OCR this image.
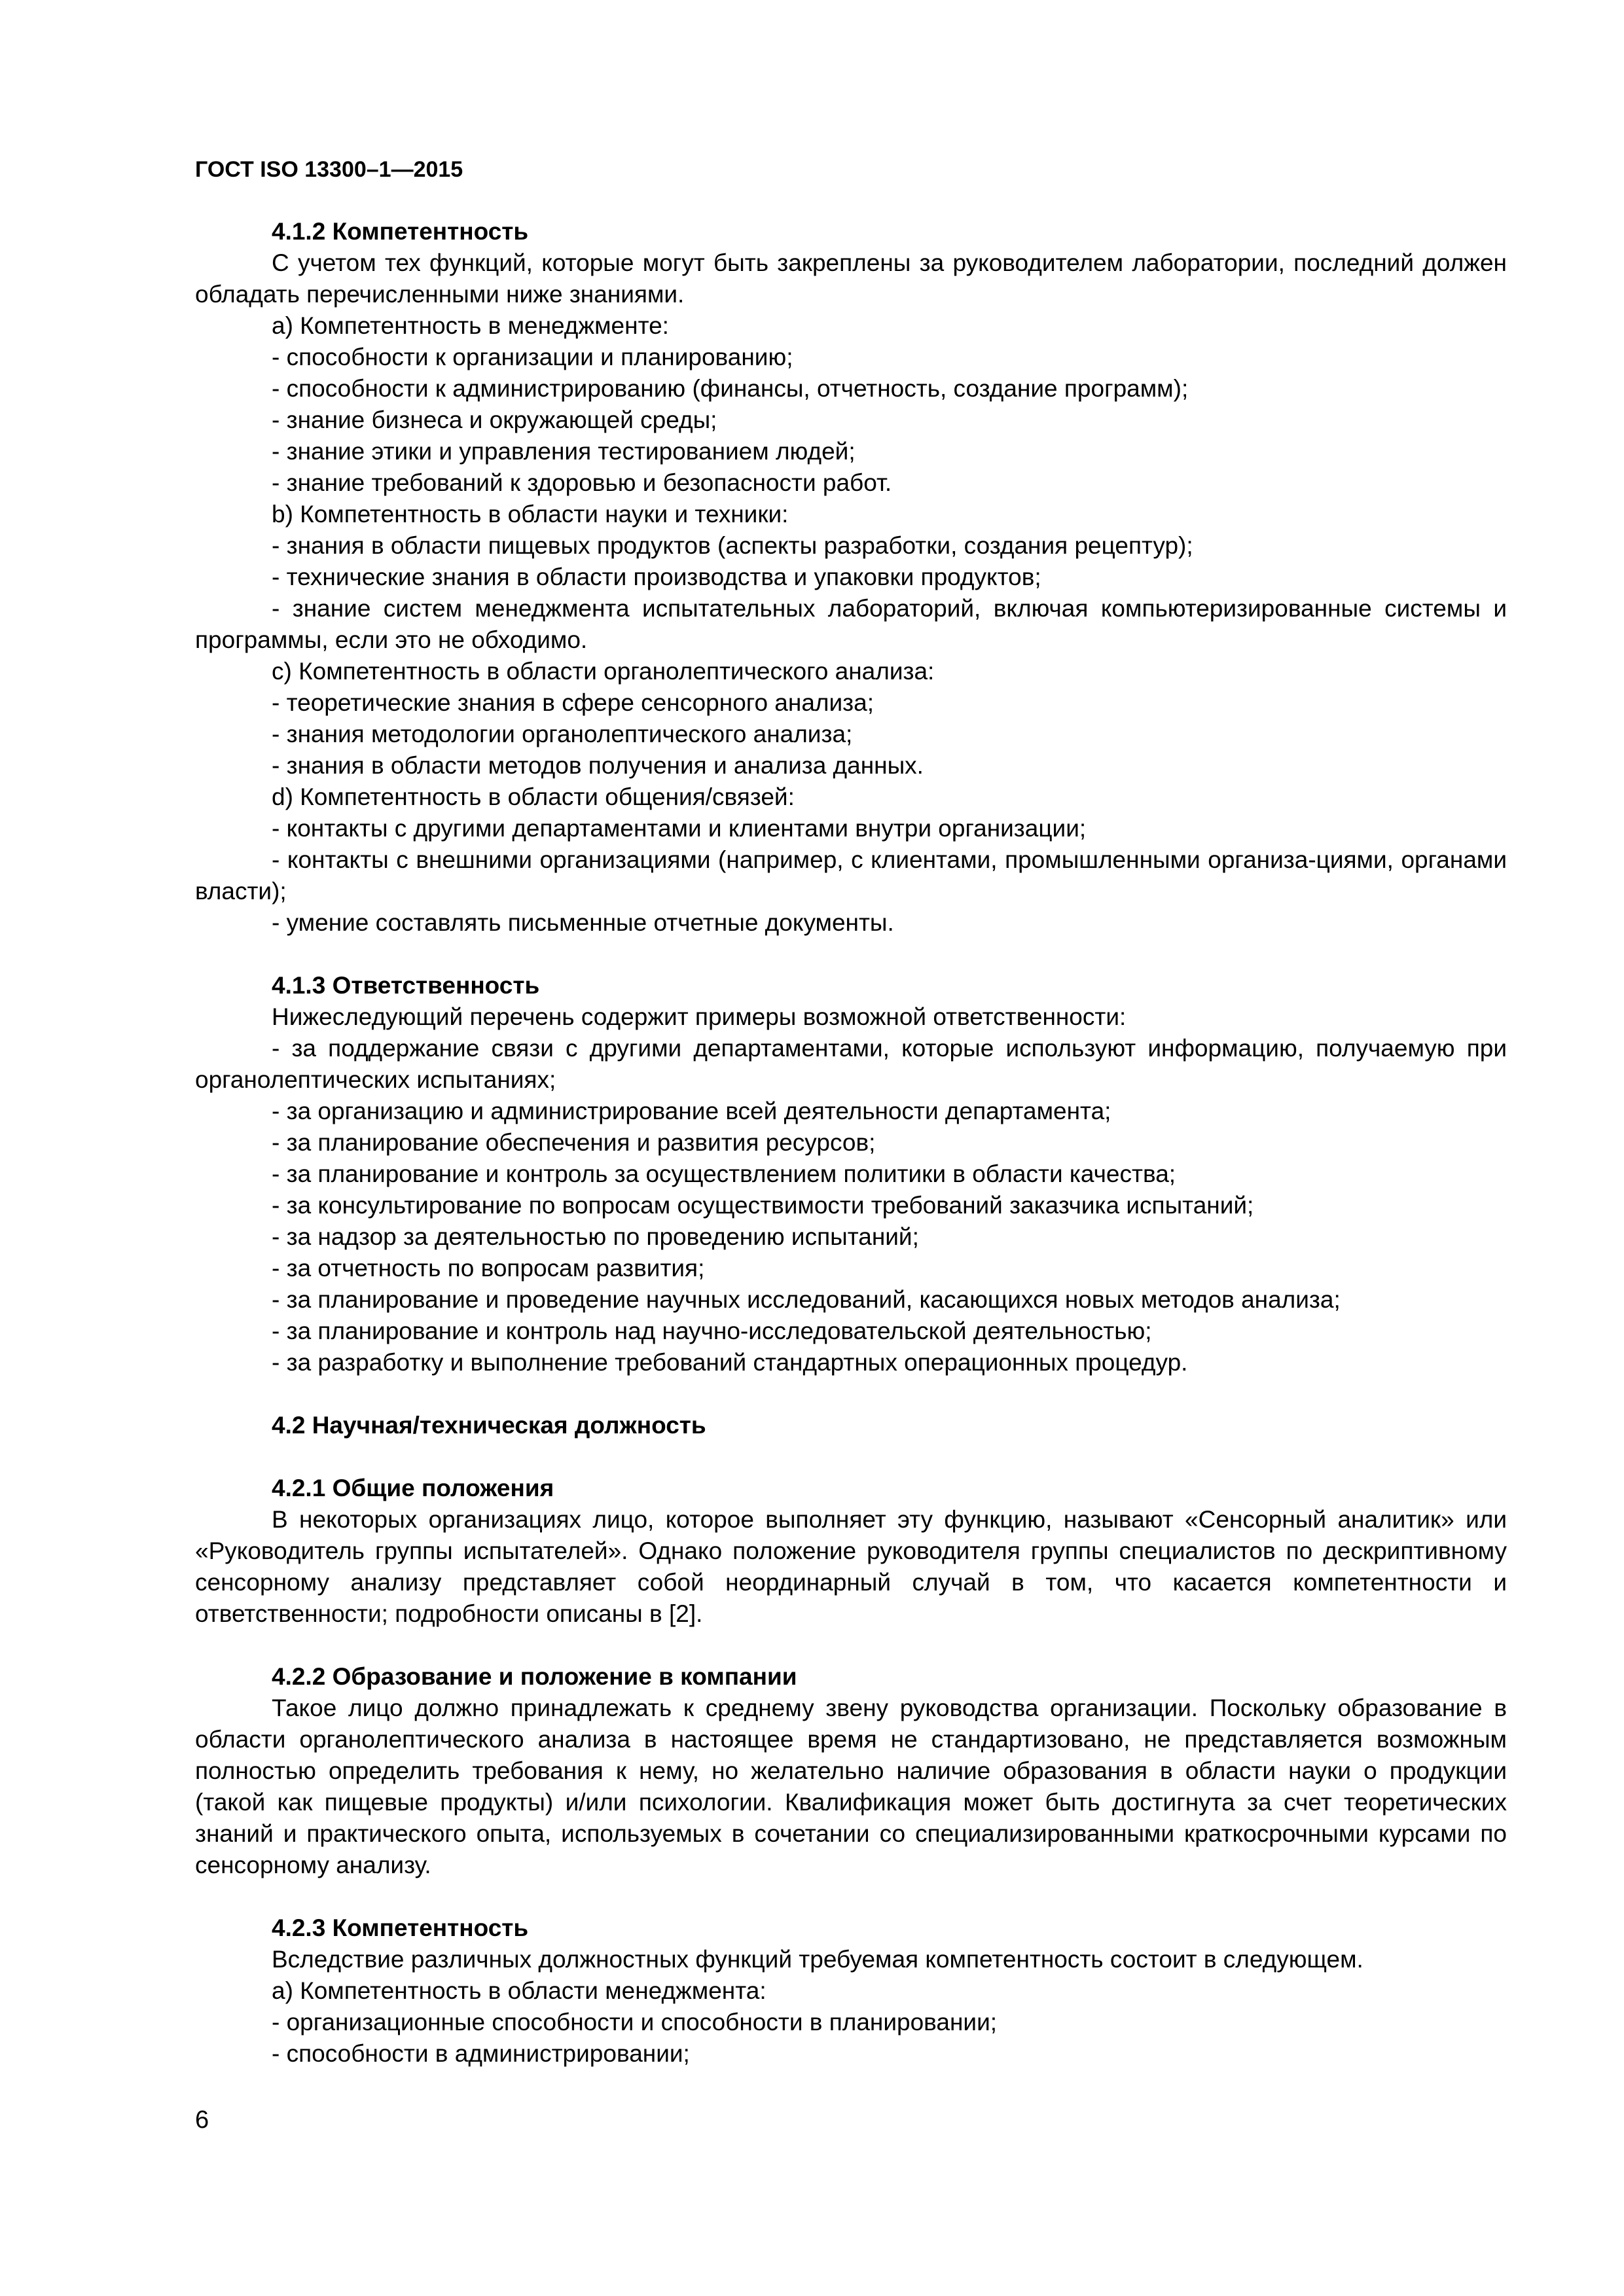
ГОСТ ISO 13300–1—2015

4.1.2 Компетентность

С учетом тех функций, которые могут быть закреплены за руководителем лаборатории, последний должен обладать перечисленными ниже знаниями.

а) Компетентность в менеджменте:

- способности к организации и планированию;

- способности к администрированию (финансы, отчетность, создание программ);

- знание бизнеса и окружающей среды;

- знание этики и управления тестированием людей;

- знание требований к здоровью и безопасности работ.

b) Компетентность в области науки и техники:

- знания в области пищевых продуктов (аспекты разработки, создания рецептур);

- технические знания в области производства и упаковки продуктов;

- знание систем менеджмента испытательных лабораторий, включая компьютеризированные системы и программы, если это не обходимо.

с) Компетентность в области органолептического анализа:

- теоретические знания в сфере сенсорного анализа;

- знания методологии органолептического анализа;

- знания в области методов получения и анализа данных.

d) Компетентность в области общения/связей:

- контакты с другими департаментами и клиентами внутри организации;

- контакты с внешними организациями (например, с клиентами, промышленными организа-циями, органами власти);

- умение составлять письменные отчетные документы.

4.1.3 Ответственность

Нижеследующий перечень содержит примеры возможной ответственности:

- за поддержание связи с другими департаментами, которые используют информацию, получаемую при органолептических испытаниях;

- за организацию и администрирование всей деятельности департамента;

- за планирование обеспечения и развития ресурсов;

- за планирование и контроль за осуществлением политики в области качества;

- за консультирование по вопросам осуществимости требований заказчика испытаний;

- за надзор за деятельностью по проведению испытаний;

- за отчетность по вопросам развития;

- за планирование и проведение научных исследований, касающихся новых методов анализа;

- за планирование и контроль над научно-исследовательской деятельностью;

- за разработку и выполнение требований стандартных операционных процедур.

4.2 Научная/техническая должность

4.2.1 Общие положения

В некоторых организациях лицо, которое выполняет эту функцию, называют «Сенсорный аналитик» или «Руководитель группы испытателей». Однако положение руководителя группы специалистов по дескриптивному сенсорному анализу представляет собой неординарный случай в том, что касается компетентности и ответственности; подробности описаны в [2].

4.2.2 Образование и положение в компании

Такое лицо должно принадлежать к среднему звену руководства организации. Поскольку образование в области органолептического анализа в настоящее время не стандартизовано, не представляется возможным полностью определить требования к нему, но желательно наличие образования в области науки о продукции (такой как пищевые продукты) и/или психологии. Квалификация может быть достигнута за счет теоретических знаний и практического опыта, используемых в сочетании со специализированными краткосрочными курсами по сенсорному анализу.

4.2.3 Компетентность

Вследствие различных должностных функций требуемая компетентность состоит в следующем.

а) Компетентность в области менеджмента:

- организационные способности и способности в планировании;

- способности в администрировании;

6
